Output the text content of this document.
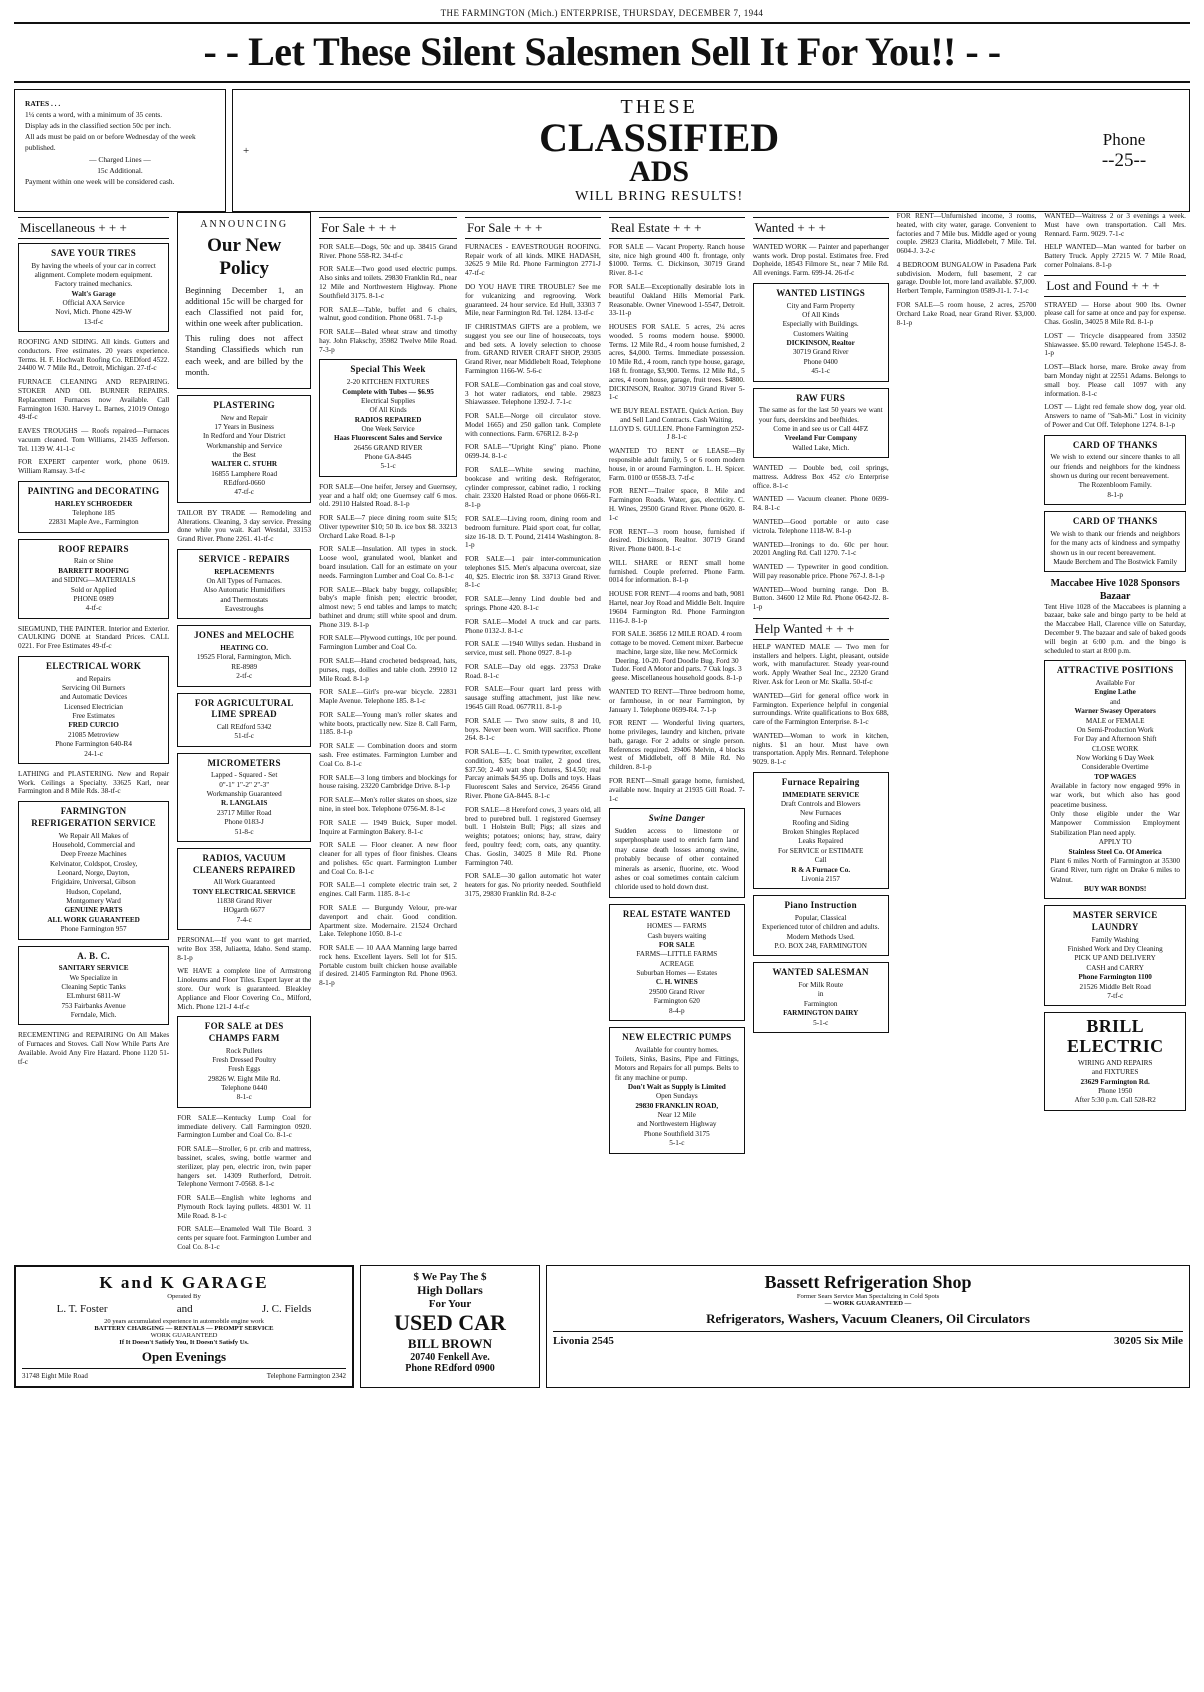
THE FARMINGTON (Mich.) ENTERPRISE, THURSDAY, DECEMBER 7, 1944
- - Let These Silent Salesmen Sell It For You!! - -
RATES . . .
1¼ cents a word, with a minimum of 35 cents.
Display ads in the classified section 50c per inch.
All ads must be paid on or before Wednesday of the week published.
— Charged Lines —
15c Additional.
Payment within one week will be considered cash.
+
THESE
CLASSIFIED
ADS
WILL BRING RESULTS!
Phone
--25--
Miscellaneous + + +
SAVE YOUR TIRES
By having the wheels of your car in correct alignment. Complete modern equipment. Factory trained mechanics.
Walt's Garage
Official AXA Service
Novi, Mich. Phone 429-W
13-tf-c
ROOFING AND SIDING. All kinds. Gutters and conductors. Free estimates. 20 years experience. Terms. H. F. Hochwalt Roofing Co. REDford 4522. 24400 W. 7 Mile Rd., Detroit, Michigan. 27-tf-c
FURNACE CLEANING AND REPAIRING. STOKER AND OIL BURNER REPAIRS. Replacement Furnaces now Available. Call Farmington 1630. Harvey L. Barnes, 21019 Ontego 49-tf-c
EAVES TROUGHS — Roofs repaired—Furnaces vacuum cleaned. Tom Williams, 21435 Jefferson. Tel. 1139 W. 41-1-c
FOR EXPERT carpenter work, phone 0619. William Ramsay. 3-tf-c
PAINTING and DECORATING
HARLEY SCHROEDER
Telephone 185
22831 Maple Ave., Farmington
ROOF REPAIRS
Rain or Shine
BARRETT ROOFING
and SIDING—MATERIALS
Sold or Applied
PHONE 0989
4-tf-c
SIEGMUND, THE PAINTER. Interior and Exterior. CAULKING DONE at Standard Prices. CALL 0221. For Free Estimates 49-tf-c
ELECTRICAL WORK
and Repairs
Servicing Oil Burners
and Automatic Devices
Licensed Electrician
Free Estimates
FRED CURCIO
21085 Metroview
Phone Farmington 640-R4
24-1-c
LATHING and PLASTERING. New and Repair Work. Ceilings a Specialty. 33625 Karl, near Farmington and 8 Mile Rds. 38-tf-c
FARMINGTON REFRIGERATION SERVICE
We Repair All Makes of
Household, Commercial and
Deep Freeze Machines
Kelvinator, Coldspot, Crosley,
Leonard, Norge, Dayton,
Frigidaire, Universal, Gibson
Hudson, Copeland,
Montgomery Ward
GENUINE PARTS
ALL WORK GUARANTEED
Phone Farmington 957
A. B. C.
SANITARY SERVICE
We Specialize in
Cleaning Septic Tanks
ELmhurst 6811-W
753 Fairbanks Avenue
Ferndale, Mich.
RECEMENTING and REPAIRING On All Makes of Furnaces and Stoves. Call Now While Parts Are Available. Avoid Any Fire Hazard. Phone 1120 51-tf-c
ANNOUNCING
Our New Policy

Beginning December 1, an additional 15c will be charged for each Classified not paid for, within one week after publication.

This ruling does not affect Standing Classifieds which run each week, and are billed by the month.

PLASTERING
New and Repair
17 Years in Business
In Redford and Your District
Workmanship and Service
the Best
WALTER C. STUHR
16855 Lamphere Road
REdford-0660
47-tf-c
TAILOR BY TRADE — Remodeling and Alterations. Cleaning, 3 day service. Pressing done while you wait. Karl Westdal, 33153 Grand River. Phone 2261. 41-tf-c
SERVICE - REPAIRS
REPLACEMENTS
On All Types of Furnaces.
Also Automatic Humidifiers
and Thermostats
Eavestroughs
JONES and MELOCHE
HEATING CO.
19525 Floral, Farmington, Mich.
RE-8989
2-tf-c
FOR AGRICULTURAL LIME SPREAD
Call REdford 5342
51-tf-c
MICROMETERS
Lapped - Squared - Set
0"-1" 1"-2" 2"-3"
Workmanship Guaranteed
R. LANGLAIS
23717 Miller Road
Phone 0183-J
51-8-c
RADIOS, VACUUM CLEANERS REPAIRED
All Work Guaranteed
TONY ELECTRICAL SERVICE
11838 Grand River
HOgarth 6677
7-4-c
PERSONAL—If you want to get married, write Box 358, Juliaetta, Idaho. Send stamp. 8-1-p
WE HAVE a complete line of Armstrong Linoleums and Floor Tiles. Expert layer at the store. Our work is guaranteed. Bleakley Appliance and Floor Covering Co., Milford, Mich. Phone 121-J 4-tf-c
FOR SALE at DES CHAMPS FARM
Rock Pullets
Fresh Dressed Poultry
Fresh Eggs
29826 W. Eight Mile Rd.
Telephone 0440
8-1-c
FOR SALE—Kentucky Lump Coal for immediate delivery. Call Farmington 0920. Farmington Lumber and Coal Co. 8-1-c
FOR SALE—Stroller, 6 pr. crib and mattress, bassinet, scales, swing, bottle warmer and sterilizer, play pen, electric iron, twin paper hangers set. 14309 Rutherford, Detroit. Telephone Vermont 7-0568. 8-1-c
FOR SALE—English white leghorns and Plymouth Rock laying pullets. 48301 W. 11 Mile Road. 8-1-c
FOR SALE—Enameled Wall Tile Board. 3 cents per square foot. Farmington Lumber and Coal Co. 8-1-c
For Sale + + +
FOR SALE—Dogs, 50c and up. 38415 Grand River. Phone 558-R2. 34-tf-c
FOR SALE—Two good used electric pumps. Also sinks and toilets. 29830 Franklin Rd., near 12 Mile and Northwestern Highway. Phone Southfield 3175. 8-1-c
FOR SALE—Table, buffet and 6 chairs, walnut, good condition. Phone 0681. 7-1-p
FOR SALE—Baled wheat straw and timothy hay. John Flakschy, 35982 Twelve Mile Road. 7-3-p
Special This Week
2-20 KITCHEN FIXTURES
Complete with Tubes — $6.95
Electrical Supplies
Of All Kinds
RADIOS REPAIRED
One Week Service
Haas Fluorescent Sales and Service
26456 GRAND RIVER
Phone GA-8445
5-1-c
FOR SALE—One heifer, Jersey and Guernsey, year and a half old; one Guernsey calf 6 mos. old. 29110 Halsted Road. 8-1-p
FOR SALE—7 piece dining room suite $15; Oliver typewriter $10; 50 lb. ice box $8. 33213 Orchard Lake Road. 8-1-p
FOR SALE—Insulation. All types in stock. Loose wool, granulated wool, blanket and board insulation. Call for an estimate on your needs. Farmington Lumber and Coal Co. 8-1-c
FOR SALE—Black baby buggy, collapsible; baby's maple finish pen; electric brooder, almost new; 5 end tables and lamps to match; bathinet and drum; still white spool and drum. Phone 319. 8-1-p
FOR SALE—Plywood cuttings, 10c per pound. Farmington Lumber and Coal Co.
FOR SALE—Hand crocheted bedspread, hats, purses, rugs, doilies and table cloth. 29910 12 Mile Road. 8-1-p
FOR SALE—Girl's pre-war bicycle. 22831 Maple Avenue. Telephone 185. 8-1-c
FOR SALE—Young man's roller skates and white boots, practically new. Size 8. Call Farm, 1185. 8-1-p
FOR SALE — Combination doors and storm sash. Free estimates. Farmington Lumber and Coal Co. 8-1-c
FOR SALE—3 long timbers and blockings for house raising. 23220 Cambridge Drive. 8-1-p
FOR SALE—Men's roller skates on shoes, size nine, in steel box. Telephone 0756-M. 8-1-c
FOR SALE — 1949 Buick, Super model. Inquire at Farmington Bakery. 8-1-c
FOR SALE — Floor cleaner. A new floor cleaner for all types of floor finishes. Cleans and polishes. 65c quart. Farmington Lumber and Coal Co. 8-1-c
FOR SALE—1 complete electric train set, 2 engines. Call Farm. 1185. 8-1-c
FOR SALE — Burgundy Velour, pre-war davenport and chair. Good condition. Apartment size. Modernaire. 21524 Orchard Lake. Telephone 1050. 8-1-c
FOR SALE — 10 AAA Manning large barred rock hens. Excellent layers. Sell lot for $15. Portable custom built chicken house available if desired. 21405 Farmington Rd. Phone 0963. 8-1-p
For Sale + + +
FURNACES - EAVESTROUGH ROOFING. Repair work of all kinds. MIKE HADASH, 32625 9 Mile Rd. Phone Farmington 2771-J 47-tf-c
DO YOU HAVE TIRE TROUBLE? See me for vulcanizing and regrooving. Work guaranteed. 24 hour service. Ed Hull, 33303 7 Mile, near Farmington Rd. Tel. 1284. 13-tf-c
IF CHRISTMAS GIFTS are a problem, we suggest you see our line of housecoats, toys and bed sets. A lovely selection to choose from. GRAND RIVER CRAFT SHOP, 29305 Grand River, near Middlebelt Road, Telephone Farmington 1166-W. 5-6-c
FOR SALE—Combination gas and coal stove, 3 hot water radiators, end table. 29823 Shiawassee. Telephone 1392-J. 7-1-c
FOR SALE—Norge oil circulator stove. Model 1665) and 250 gallon tank. Complete with connections. Farm. 676R12. 8-2-p
FOR SALE—"Upright King" piano. Phone 0699-J4. 8-1-c
FOR SALE—White sewing machine, bookcase and writing desk. Refrigerator, cylinder compressor, cabinet radio, 1 rocking chair. 23320 Halsted Road or phone 0666-R1. 8-1-p
FOR SALE—Living room, dining room and bedroom furniture. Plaid sport coat, fur collar, size 16-18. D. T. Pound, 21414 Washington. 8-1-p
FOR SALE—1 pair inter-communication telephones $15. Men's alpacuna overcoat, size 40, $25. Electric iron $8. 33713 Grand River. 8-1-c
FOR SALE—Jenny Lind double bed and springs. Phone 420. 8-1-c
FOR SALE—Model A truck and car parts. Phone 0132-J. 8-1-c
FOR SALE —1940 Willys sedan. Husband in service, must sell. Phone 0927. 8-1-p
FOR SALE—Day old eggs. 23753 Drake Road. 8-1-c
FOR SALE—Four quart lard press with sausage stuffing attachment, just like new. 19645 Gill Road. 0677R11. 8-1-p
FOR SALE — Two snow suits, 8 and 10, boys. Never been worn. Will sacrifice. Phone 264. 8-1-c
FOR SALE—L. C. Smith typewriter, excellent condition, $35; boat trailer, 2 good tires, $37.50; 2-40 watt shop fixtures, $14.50; real Parcay animals $4.95 up. Dolls and toys. Haas Fluorescent Sales and Service, 26456 Grand River. Phone GA-8445. 8-1-c
FOR SALE—8 Hereford cows, 3 years old, all bred to purebred bull. 1 registered Guernsey bull. 1 Holstein Bull; Pigs; all sizes and weights; potatoes; onions; hay, straw, dairy feed, poultry feed; corn, oats, any quantity. Chas. Goslin, 34025 8 Mile Rd. Phone Farmington 740.
FOR SALE—30 gallon automatic hot water heaters for gas. No priority needed. Southfield 3175, 29830 Franklin Rd. 8-2-c
Real Estate + + +
FOR SALE — Vacant Property. Ranch house site, nice high ground 400 ft. frontage, only $1000. Terms. C. Dickinson, 30719 Grand River. 8-1-c
FOR SALE—Exceptionally desirable lots in beautiful Oakland Hills Memorial Park. Reasonable. Owner Vinewood 1-5547, Detroit. 33-11-p
HOUSES FOR SALE. 5 acres, 2¼ acres wooded. 5 rooms modern house. $9000. Terms. 12 Mile Rd., 4 room house furnished, 2 acres, $4,000. Terms. Immediate possession. 10 Mile Rd., 4 room, ranch type house, garage, 168 ft. frontage, $3,900. Terms. 12 Mile Rd., 5 acres, 4 room house, garage, fruit trees. $4800. DICKINSON, Realtor. 30719 Grand River 5-1-c
WE BUY REAL ESTATE. Quick Action. Buy and Sell Land Contracts. Cash Waiting. LLOYD S. GULLEN. Phone Farmington 252-J 8-1-c
WANTED TO RENT or LEASE—By responsible adult family, 5 or 6 room modern house, in or around Farmington. L. H. Spicer. Farm. 0100 or 0558-J3. 7-tf-c
FOR RENT—Trailer space, 8 Mile and Farmington Roads. Water, gas, electricity. C. H. Wines, 29500 Grand River. Phone 0620. 8-1-c
FOR RENT—3 room house, furnished if desired. Dickinson, Realtor. 30719 Grand River. Phone 0400. 8-1-c
WILL SHARE or RENT small home furnished. Couple preferred. Phone Farm. 0014 for information. 8-1-p
HOUSE FOR RENT—4 rooms and bath, 9081 Hartel, near Joy Road and Middle Belt. Inquire 19604 Farmington Rd. Phone Farmington 1116-J. 8-1-p
FOR SALE. 36856 12 MILE ROAD. 4 room cottage to be moved. Cement mixer. Barbecue machine, large size, like new. McCormick Deering. 10-20. Ford Doodle Bug. Ford 30 Tudor. Ford A Motor and parts. 7 Oak logs. 3 geese. Miscellaneous household goods. 8-1-p
WANTED TO RENT—Three bedroom home, or farmhouse, in or near Farmington, by January 1. Telephone 0699-R4. 7-1-p
FOR RENT — Wonderful living quarters, home privileges, laundry and kitchen, private bath, garage. For 2 adults or single person. References required. 39406 Melvin, 4 blocks west of Middlebelt, off 8 Mile Rd. No children. 8-1-p
FOR RENT—Small garage home, furnished, available now. Inquiry at 21935 Gill Road. 7-1-c
Swine Danger
Sudden access to limestone or superphosphate used to enrich farm land may cause death losses among swine, probably because of other contained minerals as arsenic, fluorine, etc. Wood ashes or coal sometimes contain calcium chloride used to hold down dust.
REAL ESTATE WANTED
HOMES — FARMS
Cash buyers waiting
FOR SALE
FARMS—LITTLE FARMS
ACREAGE
Suburban Homes — Estates
C. H. WINES
29500 Grand River
Farmington 620
8-4-p
NEW ELECTRIC PUMPS
Available for country homes.
Toilets, Sinks, Basins, Pipe and Fittings, Motors and Repairs for all pumps. Belts to fit any machine or pump.
Don't Wait as Supply is Limited
Open Sundays
29830 FRANKLIN ROAD,
Near 12 Mile
and Northwestern Highway
Phone Southfield 3175
5-1-c
Wanted + + +
WANTED WORK — Painter and paperhanger wants work. Drop postal. Estimates free. Fred Dopheide, 18543 Filmore St., near 7 Mile Rd. All evenings. Farm. 699-J4. 26-tf-c
WANTED LISTINGS
City and Farm Property
Of All Kinds
Especially with Buildings.
Customers Waiting
DICKINSON, Realtor
30719 Grand River
Phone 0400
45-1-c
RAW FURS
The same as for the last 50 years we want your furs, deerskins and beefhides.
Come in and see us or Call 44FZ
Vreeland Fur Company
Walled Lake, Mich.
WANTED — Double bed, coil springs, mattress. Address Box 452 c/o Enterprise office. 8-1-c
WANTED — Vacuum cleaner. Phone 0699-R4. 8-1-c
WANTED—Good portable or auto case victrola. Telephone 1118-W. 8-1-p
WANTED—Ironings to do. 60c per hour. 20201 Angling Rd. Call 1270. 7-1-c
WANTED — Typewriter in good condition. Will pay reasonable price. Phone 767-J. 8-1-p
WANTED—Wood burning range. Don B. Button. 34600 12 Mile Rd. Phone 0642-J2. 8-1-p
Help Wanted + + +
HELP WANTED MALE — Two men for installers and helpers. Light, pleasant, outside work, with manufacturer. Steady year-round work. Apply Weather Seal Inc., 22320 Grand River. Ask for Leon or Mr. Skalla. 50-tf-c
WANTED—Girl for general office work in Farmington. Experience helpful in congenial surroundings. Write qualifications to Box 688, care of the Farmington Enterprise. 8-1-c
WANTED—Woman to work in kitchen, nights. $1 an hour. Must have own transportation. Apply Mrs. Rennard. Telephone 9029. 8-1-c
Furnace Repairing
IMMEDIATE SERVICE
Draft Controls and Blowers
New Furnaces
Roofing and Siding
Broken Shingles Replaced
Leaks Repaired
For SERVICE or ESTIMATE
Call
R & A Furnace Co.
Livonia 2157
Piano Instruction
Popular, Classical
Experienced tutor of children and adults.
Modern Methods Used.
P.O. BOX 248, FARMINGTON
WANTED SALESMAN
For Milk Route
in
Farmington
FARMINGTON DAIRY
5-1-c
FOR RENT—Unfurnished income, 3 rooms, heated, with city water, garage. Convenient to factories and 7 Mile bus. Middle aged or young couple. 29823 Clarita, Middlebelt, 7 Mile. Tel. 0604-J. 3-2-c
4 BEDROOM BUNGALOW in Pasadena Park subdivision. Modern, full basement, 2 car garage. Double lot, more land available. $7,000. Herbert Temple, Farmington 0589-J1-1. 7-1-c
FOR SALE—5 room house, 2 acres, 25700 Orchard Lake Road, near Grand River. $3,000. 8-1-p
WANTED—Waitress 2 or 3 evenings a week. Must have own transportation. Call Mrs. Rennard. Farm. 9029. 7-1-c
HELP WANTED—Man wanted for barber on Battery Truck. Apply 27215 W. 7 Mile Road, corner Polnaians. 8-1-p
Lost and Found + + +
STRAYED — Horse about 900 lbs. Owner please call for same at once and pay for expense. Chas. Goslin, 34025 8 Mile Rd. 8-1-p
LOST — Tricycle disappeared from 33502 Shiawassee. $5.00 reward. Telephone 1545-J. 8-1-p
LOST—Black horse, mare. Broke away from barn Monday night at 22551 Adams. Belongs to small boy. Please call 1097 with any information. 8-1-c
LOST — Light red female show dog, year old. Answers to name of "Sah-Mi." Lost in vicinity of Power and Cut Off. Telephone 1274. 8-1-p
CARD OF THANKS
We wish to extend our sincere thanks to all our friends and neighbors for the kindness shown us during our recent bereavement.
The Rozenbloom Family.
8-1-p
CARD OF THANKS
We wish to thank our friends and neighbors for the many acts of kindness and sympathy shown us in our recent bereavement.
Maude Berchem and The Bostwick Family
Maccabee Hive 1028 Sponsors Bazaar
Tent Hive 1028 of the Maccabees is planning a bazaar, bake sale and bingo party to be held at the Maccabee Hall, Clarence ville on Saturday, December 9. The bazaar and sale of baked goods will begin at 6:00 p.m. and the bingo is scheduled to start at 8:00 p.m.
ATTRACTIVE POSITIONS
Available For
Engine Lathe
and
Warner Swasey Operators
MALE or FEMALE
On Semi-Production Work
For Day and Afternoon Shift
CLOSE WORK
Now Working 6 Day Week
Considerable Overtime
TOP WAGES
Available in factory now engaged 99% in war work, but which also has good peacetime business.
Only those eligible under the War Manpower Commission Employment Stabilization Plan need apply.
APPLY TO
Stainless Steel Co. Of America
Plant 6 miles North of Farmington at 35300 Grand River, turn right on Drake 6 miles to Walnut.
BUY WAR BONDS!
MASTER SERVICE LAUNDRY
Family Washing
Finished Work and Dry Cleaning
PICK UP AND DELIVERY
CASH and CARRY
Phone Farmington 1100
21526 Middle Belt Road
7-tf-c
BRILL ELECTRIC
WIRING AND REPAIRS
and FIXTURES
23629 Farmington Rd.
Phone 1950
After 5:30 p.m. Call 528-R2
K and K GARAGE
Operated By
L. T. Foster	and	J. C. Fields
20 years accumulated experience in automobile engine work
BATTERY CHARGING — RENTALS — PROMPT SERVICE
WORK GUARANTEED
If It Doesn't Satisfy You, It Doesn't Satisfy Us.
Open Evenings
31748 Eight Mile Road	Telephone Farmington 2342
$ We Pay The $
High Dollars
For Your
USED CAR
BILL BROWN
20740 Fenkell Ave.
Phone REdford 0900
Bassett Refrigeration Shop
Former Sears Service Man Specializing in Cold Spots
— WORK GUARANTEED —
Refrigerators, Washers, Vacuum Cleaners, Oil Circulators
Livonia 2545	30205 Six Mile
